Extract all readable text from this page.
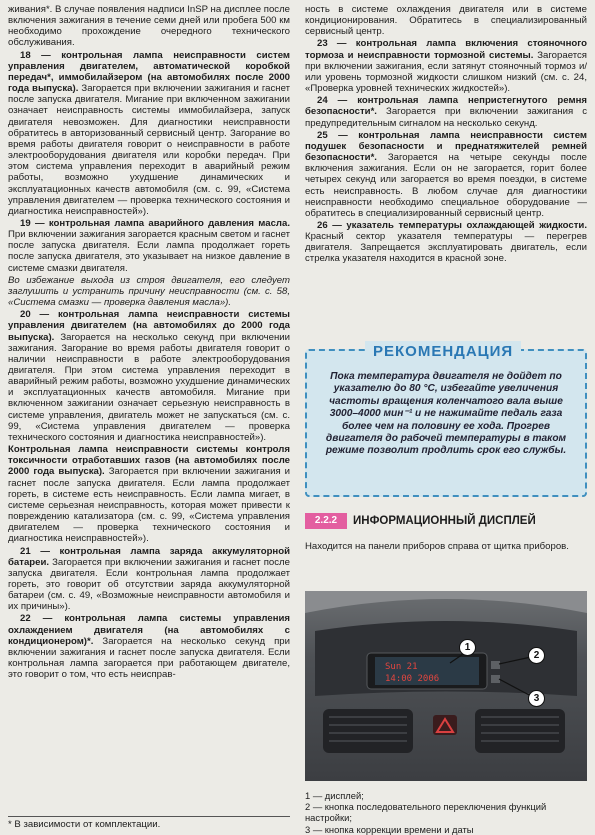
живания*. В случае появления надписи InSP на дисплее после включения зажигания в течение семи дней или пробега 500 км необходимо прохождение очередного технического обслуживания.

18 — контрольная лампа неисправности систем управления двигателем, автоматической коробкой передач*, иммобилайзером (на автомобилях после 2000 года выпуска). Загорается при включении зажигания и гаснет после запуска двигателя. Мигание при включенном зажигании означает неисправность системы иммобилайзера, запуск двигателя невозможен. Для диагностики неисправности обратитесь в авторизованный сервисный центр. Загорание во время работы двигателя говорит о неисправности в работе электрооборудования двигателя или коробки передач. При этом система управления переходит в аварийный режим работы, возможно ухудшение динамических и эксплуатационных качеств автомобиля (см. с. 99, «Система управления двигателем — проверка технического состояния и диагностика неисправностей»).

19 — контрольная лампа аварийного давления масла. При включении зажигания загорается красным светом и гаснет после запуска двигателя. Если лампа продолжает гореть после запуска двигателя, это указывает на низкое давление в системе смазки двигателя.

Во избежание выхода из строя двигателя, его следует заглушить и устранить причину неисправности (см. с. 58, «Система смазки — проверка давления масла»).

20 — контрольная лампа неисправности системы управления двигателем (на автомобилях до 2000 года выпуска). Загорается на несколько секунд при включении зажигания. Загорание во время работы двигателя говорит о наличии неисправности в работе электрооборудования двигателя. При этом система управления переходит в аварийный режим работы, возможно ухудшение динамических и эксплуатационных качеств автомобиля. Мигание при включенном зажигании означает серьезную неисправность в системе управления, двигатель может не запускаться (см. с. 99, «Система управления двигателем — проверка технического состояния и диагностика неисправностей»).

Контрольная лампа неисправности системы контроля токсичности отработавших газов (на автомобилях после 2000 года выпуска). Загорается при включении зажигания и гаснет после запуска двигателя. Если лампа продолжает гореть, в системе есть неисправность. Если лампа мигает, в системе серьезная неисправность, которая может привести к повреждению катализатора (см. с. 99, «Система управления двигателем — проверка технического состояния и диагностика неисправностей»).

21 — контрольная лампа заряда аккумуляторной батареи. Загорается при включении зажигания и гаснет после запуска двигателя. Если контрольная лампа продолжает гореть, это говорит об отсутствии заряда аккумуляторной батареи (см. с. 49, «Возможные неисправности автомобиля и их причины»).

22 — контрольная лампа системы управления охлаждением двигателя (на автомобилях с кондиционером)*. Загорается на несколько секунд при включении зажигания и гаснет после запуска двигателя. Если контрольная лампа загорается при работающем двигателе, это говорит о том, что есть неисправ-

* В зависимости от комплектации.

ность в системе охлаждения двигателя или в системе кондиционирования. Обратитесь в специализированный сервисный центр.

23 — контрольная лампа включения стояночного тормоза и неисправности тормозной системы. Загорается при включении зажигания, если затянут стояночный тормоз и/или уровень тормозной жидкости слишком низкий (см. с. 24, «Проверка уровней технических жидкостей»).

24 — контрольная лампа непристегнутого ремня безопасности*. Загорается при включении зажигания с предупредительным сигналом на несколько секунд.

25 — контрольная лампа неисправности систем подушек безопасности и преднатяжителей ремней безопасности*. Загорается на четыре секунды после включения зажигания. Если он не загорается, горит более четырех секунд или загорается во время поездки, в системе есть неисправность. В любом случае для диагностики неисправности необходимо специальное оборудование — обратитесь в специализированный сервисный центр.

26 — указатель температуры охлаждающей жидкости. Красный сектор указателя температуры — перегрев двигателя. Запрещается эксплуатировать двигатель, если стрелка указателя находится в красной зоне.

РЕКОМЕНДАЦИЯ
Пока температура двигателя не дойдет по указателю до 80 °С, избегайте увеличения частоты вращения коленчатого вала выше 3000–4000 мин⁻¹ и не нажимайте педаль газа более чем на половину ее хода. Прогрев двигателя до рабочей температуры в таком режиме позволит продлить срок его службы.
2.2.2	ИНФОРМАЦИОННЫЙ ДИСПЛЕЙ
Находится на панели приборов справа от щитка приборов.
Sun 21
14:00 2006
1
2
3
1 — дисплей;
2 — кнопка последовательного переключения функций настройки;
3 — кнопка коррекции времени и даты
